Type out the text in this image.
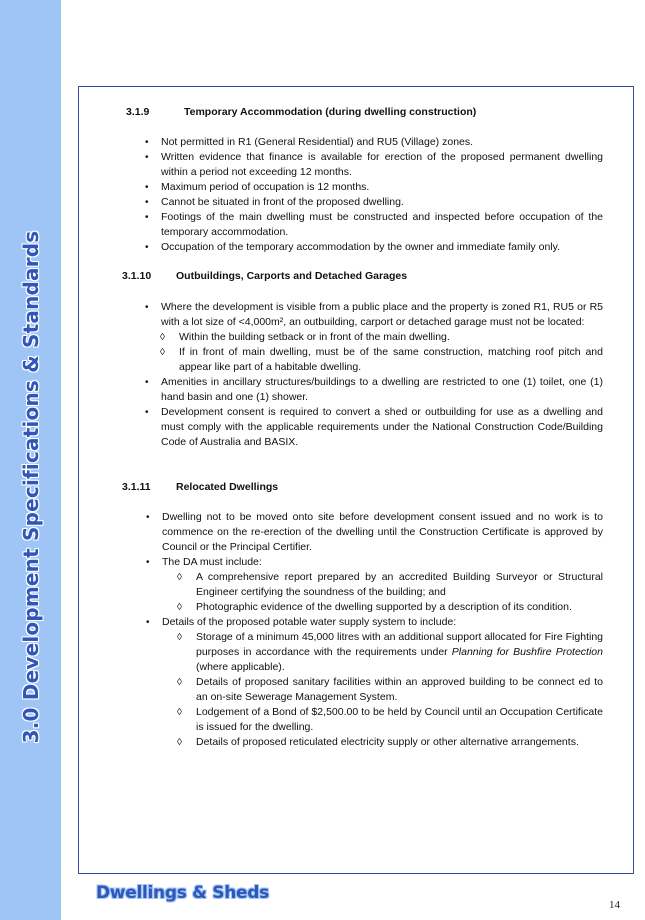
3.0 Development Specifications & Standards
3.1.9	Temporary Accommodation (during dwelling construction)
• Not permitted in R1 (General Residential) and RU5 (Village) zones.
• Written evidence that finance is available for erection of the proposed permanent dwelling within a period not exceeding 12 months.
• Maximum period of occupation is 12 months.
• Cannot be situated in front of the proposed dwelling.
• Footings of the main dwelling must be constructed and inspected before occupation of the temporary accommodation.
• Occupation of the temporary accommodation by the owner and immediate family only.
3.1.10 Outbuildings, Carports and Detached Garages
• Where the development is visible from a public place and the property is zoned R1, RU5 or R5 with a lot size of <4,000m², an outbuilding, carport or detached garage must not be located:
◊ Within the building setback or in front of the main dwelling.
◊ If in front of main dwelling, must be of the same construction, matching roof pitch and appear like part of a habitable dwelling.
• Amenities in ancillary structures/buildings to a dwelling are restricted to one (1) toilet, one (1) hand basin and one (1) shower.
• Development consent is required to convert a shed or outbuilding for use as a dwelling and must comply with the applicable requirements under the National Construction Code/Building Code of Australia and BASIX.
3.1.11 Relocated Dwellings
• Dwelling not to be moved onto site before development consent issued and no work is to commence on the re-erection of the dwelling until the Construction Certificate is approved by Council or the Principal Certifier.
• The DA must include:
◊ A comprehensive report prepared by an accredited Building Surveyor or Structural Engineer certifying the soundness of the building; and
◊ Photographic evidence of the dwelling supported by a description of its condition.
• Details of the proposed potable water supply system to include:
◊ Storage of a minimum 45,000 litres with an additional support allocated for Fire Fighting purposes in accordance with the requirements under Planning for Bushfire Protection (where applicable).
◊ Details of proposed sanitary facilities within an approved building to be connect ed to an on-site Sewerage Management System.
◊ Lodgement of a Bond of $2,500.00 to be held by Council until an Occupation Certificate is issued for the dwelling.
◊ Details of proposed reticulated electricity supply or other alternative arrangements.
Dwellings & Sheds
14
